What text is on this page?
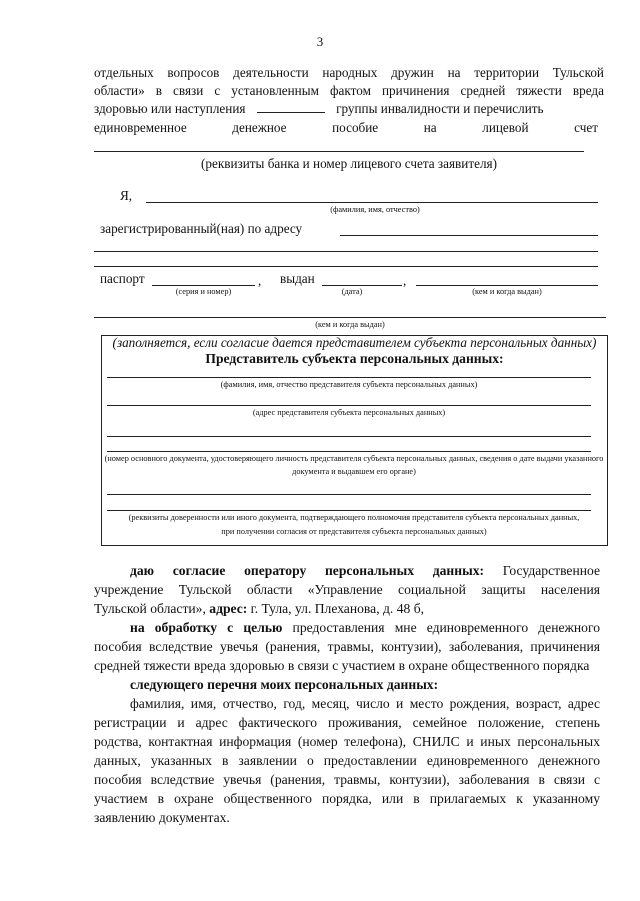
3
отдельных вопросов деятельности народных дружин на территории Тульской
области» в связи с установленным фактом причинения средней тяжести вреда
здоровью или наступления	группы инвалидности и перечислить
единовременное денежное пособие на лицевой счет
(реквизиты банка и номер лицевого счета заявителя)
Я,
(фамилия, имя, отчество)
зарегистрированный(ная) по адресу
паспорт	, выдан	,
(серия и номер)	(дата)	(кем и когда выдан)
(кем и когда выдан)
(заполняется, если согласие дается представителем субъекта персональных данных)
Представитель субъекта персональных данных:
(фамилия, имя, отчество представителя субъекта персональных данных)
(адрес представителя субъекта персональных данных)
(номер основного документа, удостоверяющего личность представителя субъекта персональных данных, сведения о дате выдачи указанного
документа и выдавшем его органе)
(реквизиты доверенности или иного документа, подтверждающего полномочия представителя субъекта персональных данных,
при получении согласия от представителя субъекта персональных данных)
даю согласие оператору персональных данных: Государственное
учреждение Тульской области «Управление социальной защиты населения
Тульской области», адрес: г. Тула, ул. Плеханова, д. 48 б,
на обработку с целью предоставления мне единовременного денежного
пособия вследствие увечья (ранения, травмы, контузии), заболевания, причинения
средней тяжести вреда здоровью в связи с участием в охране общественного порядка
следующего перечня моих персональных данных:
фамилия, имя, отчество, год, месяц, число и место рождения, возраст, адрес
регистрации и адрес фактического проживания, семейное положение, степень
родства, контактная информация (номер телефона), СНИЛС и иных персональных
данных, указанных в заявлении о предоставлении единовременного денежного
пособия вследствие увечья (ранения, травмы, контузии), заболевания в связи с
участием в охране общественного порядка, или в прилагаемых к указанному
заявлению документах.
